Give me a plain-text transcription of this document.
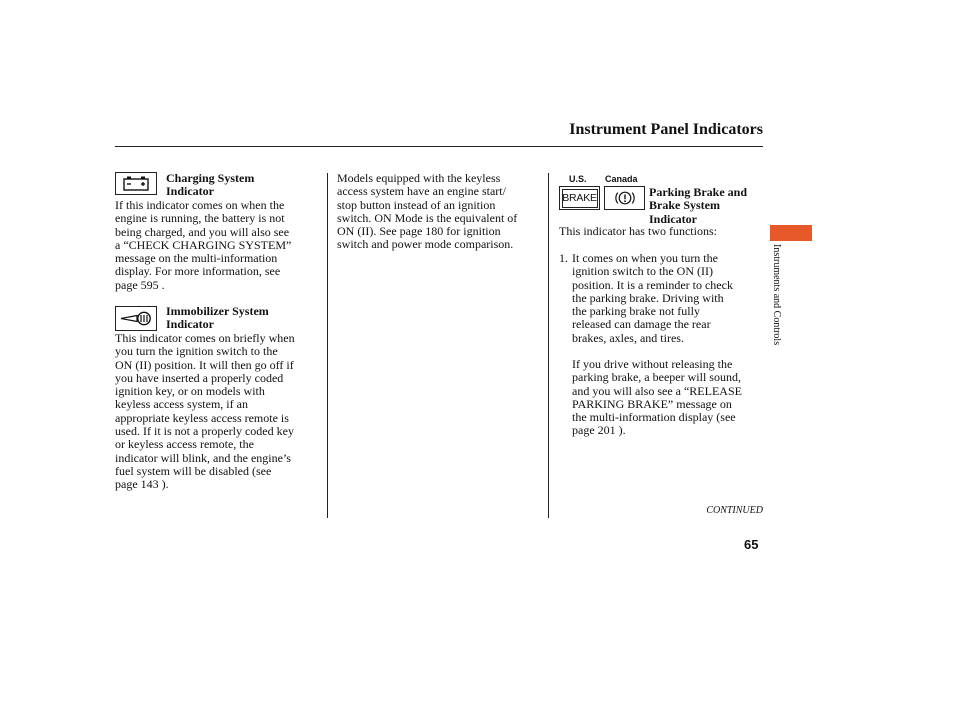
Instrument Panel Indicators
Charging System
Indicator
If this indicator comes on when the
engine is running, the battery is not
being charged, and you will also see
a “CHECK CHARGING SYSTEM”
message on the multi-information
display. For more information, see
page 595 .
Immobilizer System
Indicator
This indicator comes on briefly when
you turn the ignition switch to the
ON (II) position. It will then go off if
you have inserted a properly coded
ignition key, or on models with
keyless access system, if an
appropriate keyless access remote is
used. If it is not a properly coded key
or keyless access remote, the
indicator will blink, and the engine’s
fuel system will be disabled (see
page 143 ).
Models equipped with the keyless
access system have an engine start/
stop button instead of an ignition
switch. ON Mode is the equivalent of
ON (II). See page 180 for ignition
switch and power mode comparison.
U.S. Canada
BRAKE	Parking Brake and
Brake System
Indicator
This indicator has two functions:
1. It comes on when you turn the
ignition switch to the ON (II)
position. It is a reminder to check
the parking brake. Driving with
the parking brake not fully
released can damage the rear
brakes, axles, and tires.
If you drive without releasing the
parking brake, a beeper will sound,
and you will also see a “RELEASE
PARKING BRAKE” message on
the multi-information display (see
page 201 ).
Instruments and Controls
CONTINUED
65
